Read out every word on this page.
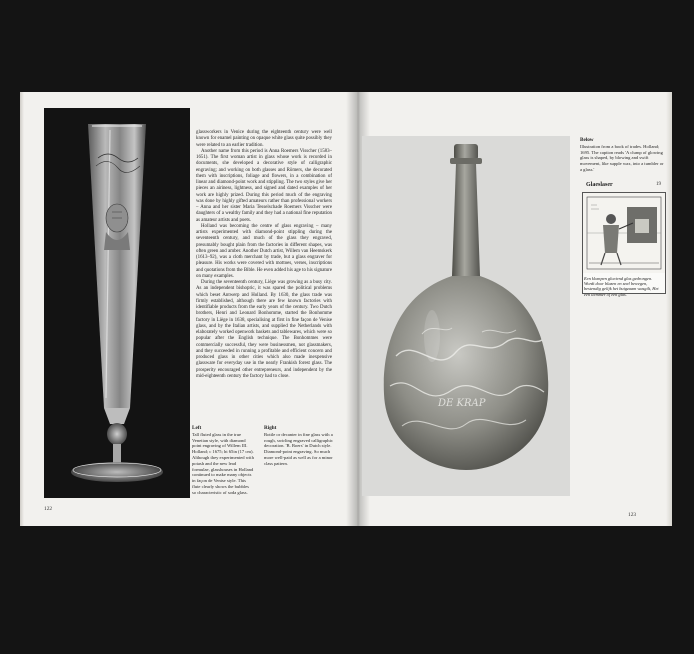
glassworkers in Venice during the eighteenth century were well known for enamel painting on opaque white glass quite possibly they were related to an earlier tradition.

Another name from this period is Anna Roemers Visscher (1583–1651). The first woman artist in glass whose work is recorded in documents, she developed a decorative style of calligraphic engraving; and working on both glasses and Römers, she decorated them with inscriptions, foliage and flowers, in a combination of linear and diamond-point work and stippling. The two styles give her pieces an airiness, lightness, and signed and dated examples of her work are highly prized. During this period much of the engraving was done by highly gifted amateurs rather than professional workers – Anna and her sister Maria Tesselschade Roemers Visscher were daughters of a wealthy family and they had a national fine reputation as amateur artists and poets.

Holland was becoming the centre of glass engraving – many artists experimented with diamond-point stippling during the seventeenth century, and much of the glass they engraved, presumably bought plain from the factories in different shapes, was often green and amber. Another Dutch artist, Willem van Heemskerk (1613–92), was a cloth merchant by trade, but a glass engraver for pleasure. His works were covered with mottoes, verses, inscriptions and quotations from the Bible. He even added his age to his signature on many examples.

During the seventeenth century, Liège was growing as a busy city. As an independent bishopric, it was spared the political problems which beset Antwerp and Holland. By 1630, the glass trade was firmly established, although there are few known factories with identifiable products from the early years of the century. Two Dutch brothers, Henri and Leonard Bonhomme, started the Bonhomme factory in Liège in 1638, specialising at first in fine façon de Venise glass, and by the Italian artists, and supplied the Netherlands with elaborately worked openwork baskets and tablewares, which were so popular after the English technique. The Bonhommes were commercially successful, they were businessmen, not glassmakers, and they succeeded in running a profitable and efficient concern and produced glass in other cities which also made inexpensive glassware for everyday use in the nearly Frankish forest glass. The prosperity encouraged other entrepreneurs, and independent by the mid-eighteenth century the factory had to close.

Left
Tall fluted glass in the true Venetian style, with diamond point engraving of Willem III. Holland; c 1675; ht 65in (17 cm). Although they experimented with potash and the new lead formulae, glasshouses in Holland continued to make many objects in façon de Venise style. This flute clearly shows the bubbles so characteristic of soda glass.
Right
Bottle or decanter in fine glass with a rough, swirling engraved calligraphic decoration. 'B. Boers' in Dutch style. Diamond-point engraving. So much more well-paid as well as for a minor class pattern.
122
DE KRAP
Below
Illustration from a book of trades. Holland; 1695. The caption reads 'A clump of glowing glass is shaped, by blowing and swift movement, like supple wax, into a tumbler or a glass.'
Glaeslaser	19
Een klompen gloeiend glas gedrongen. Wordt door blazen en snel bewegen, bestendig gelijk het buigzaam wasgilt, Het een tiemmer of een glas.
123
